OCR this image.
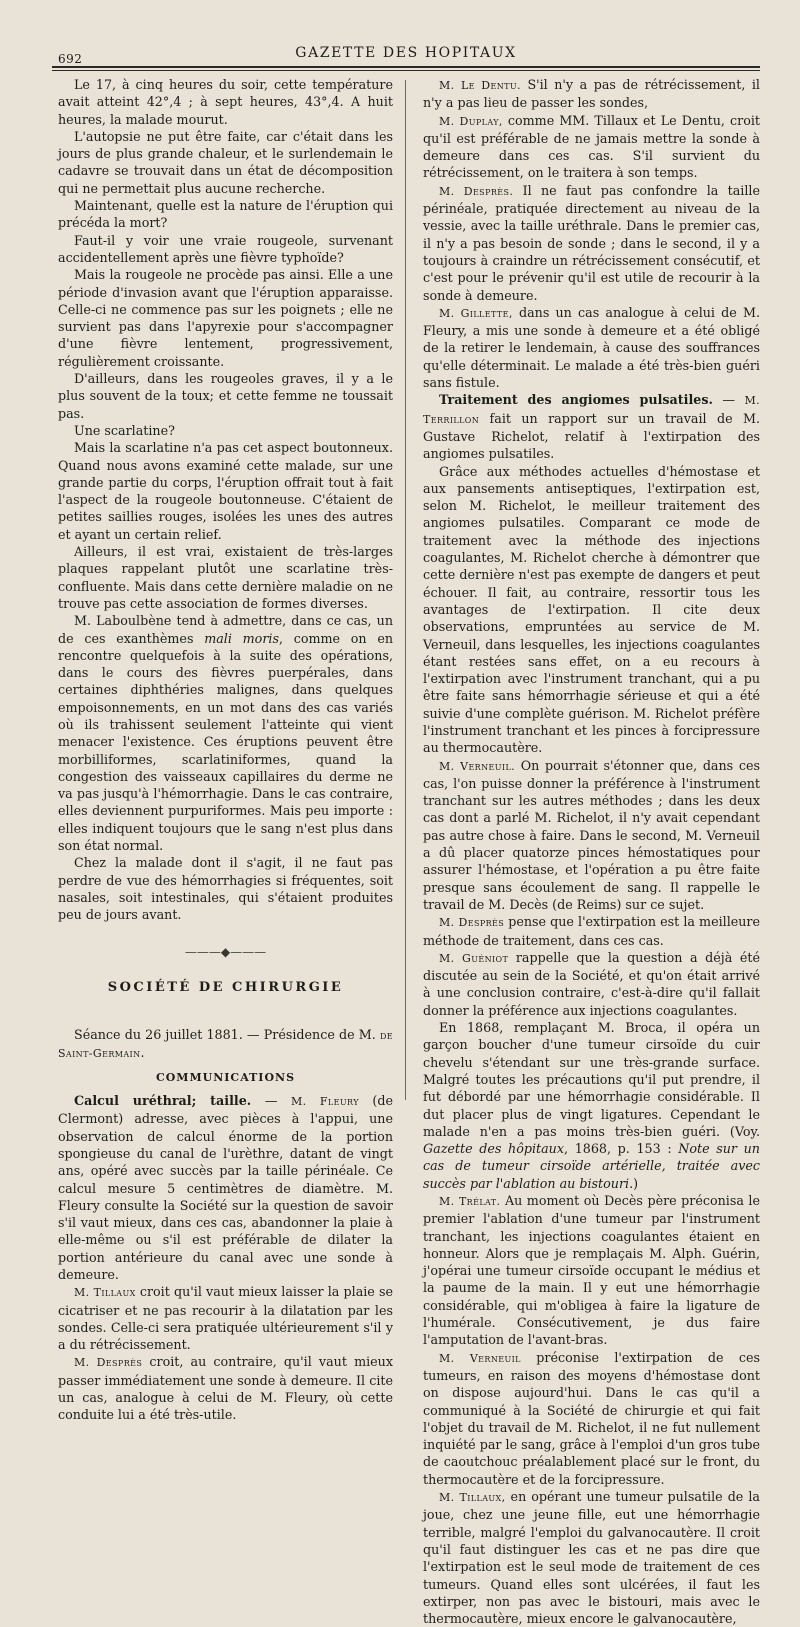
692	GAZETTE DES HOPITAUX

Le 17, à cinq heures du soir, cette température avait atteint 42°,4 ; à sept heures, 43°,4. A huit heures, la malade mourut.

L'autopsie ne put être faite, car c'était dans les jours de plus grande chaleur, et le surlendemain le cadavre se trouvait dans un état de décomposition qui ne permettait plus aucune recherche.

Maintenant, quelle est la nature de l'éruption qui précéda la mort?

Faut-il y voir une vraie rougeole, survenant accidentellement après une fièvre typhoïde?

Mais la rougeole ne procède pas ainsi. Elle a une période d'invasion avant que l'éruption apparaisse. Celle-ci ne commence pas sur les poignets ; elle ne survient pas dans l'apyrexie pour s'accompagner d'une fièvre lentement, progressivement, régulièrement croissante.

D'ailleurs, dans les rougeoles graves, il y a le plus souvent de la toux; et cette femme ne toussait pas.

Une scarlatine?

Mais la scarlatine n'a pas cet aspect boutonneux. Quand nous avons examiné cette malade, sur une grande partie du corps, l'éruption offrait tout à fait l'aspect de la rougeole boutonneuse. C'étaient de petites saillies rouges, isolées les unes des autres et ayant un certain relief.

Ailleurs, il est vrai, existaient de très-larges plaques rappelant plutôt une scarlatine très-confluente. Mais dans cette dernière maladie on ne trouve pas cette association de formes diverses.

M. Laboulbène tend à admettre, dans ce cas, un de ces exanthèmes mali moris, comme on en rencontre quelquefois à la suite des opérations, dans le cours des fièvres puerpérales, dans certaines diphthéries malignes, dans quelques empoisonnements, en un mot dans des cas variés où ils trahissent seulement l'atteinte qui vient menacer l'existence. Ces éruptions peuvent être morbilliformes, scarlatiniformes, quand la congestion des vaisseaux capillaires du derme ne va pas jusqu'à l'hémorrhagie. Dans le cas contraire, elles deviennent purpuriformes. Mais peu importe : elles indiquent toujours que le sang n'est plus dans son état normal.

Chez la malade dont il s'agit, il ne faut pas perdre de vue des hémorrhagies si fréquentes, soit nasales, soit intestinales, qui s'étaient produites peu de jours avant.

———◆———
SOCIÉTÉ DE CHIRURGIE

Séance du 26 juillet 1881. — Présidence de M. de Saint-Germain.

COMMUNICATIONS

Calcul uréthral; taille. — M. Fleury (de Clermont) adresse, avec pièces à l'appui, une observation de calcul énorme de la portion spongieuse du canal de l'urèthre, datant de vingt ans, opéré avec succès par la taille périnéale. Ce calcul mesure 5 centimètres de diamètre. M. Fleury consulte la Société sur la question de savoir s'il vaut mieux, dans ces cas, abandonner la plaie à elle-même ou s'il est préférable de dilater la portion antérieure du canal avec une sonde à demeure.

M. Tillaux croit qu'il vaut mieux laisser la plaie se cicatriser et ne pas recourir à la dilatation par les sondes. Celle-ci sera pratiquée ultérieurement s'il y a du rétrécissement.

M. Desprès croit, au contraire, qu'il vaut mieux passer immédiatement une sonde à demeure. Il cite un cas, analogue à celui de M. Fleury, où cette conduite lui a été très-utile.

M. Le Dentu. S'il n'y a pas de rétrécissement, il n'y a pas lieu de passer les sondes,

M. Duplay, comme MM. Tillaux et Le Dentu, croit qu'il est préférable de ne jamais mettre la sonde à demeure dans ces cas. S'il survient du rétrécissement, on le traitera à son temps.

M. Desprès. Il ne faut pas confondre la taille périnéale, pratiquée directement au niveau de la vessie, avec la taille uréthrale. Dans le premier cas, il n'y a pas besoin de sonde ; dans le second, il y a toujours à craindre un rétrécissement consécutif, et c'est pour le prévenir qu'il est utile de recourir à la sonde à demeure.

M. Gillette, dans un cas analogue à celui de M. Fleury, a mis une sonde à demeure et a été obligé de la retirer le lendemain, à cause des souffrances qu'elle détermina​it. Le malade a été très-bien guéri sans fistule.

Traitement des angiomes pulsatiles. — M. Terrillon fait un rapport sur un travail de M. Gustave Richelot, relatif à l'extirpation des angiomes pulsatiles.

Grâce aux méthodes actuelles d'hémostase et aux pansements antiseptiques, l'extirpation est, selon M. Richelot, le meilleur traitement des angiomes pulsatiles. Comparant ce mode de traitement avec la méthode des injections coagulantes, M. Richelot cherche à démontrer que cette dernière n'est pas exempte de dangers et peut échouer. Il fait, au contraire, ressortir tous les avantages de l'extirpation. Il cite deux observations, empruntées au service de M. Verneuil, dans lesquelles, les injections coagulantes étant restées sans effet, on a eu recours à l'extirpation avec l'instrument tranchant, qui a pu être faite sans hémorrhagie sérieuse et qui a été suivie d'une complète guérison. M. Richelot préfère l'instrument tranchant et les pinces à forcipressure au thermocautère.

M. Verneuil. On pourrait s'étonner que, dans ces cas, l'on puisse donner la préférence à l'instrument tranchant sur les autres méthodes ; dans les deux cas dont a parlé M. Richelot, il n'y avait cependant pas autre chose à faire. Dans le second, M. Verneuil a dû placer quatorze pinces hémostatiques pour assurer l'hémostase, et l'opération a pu être faite presque sans écoulement de sang. Il rappelle le travail de M. Decès (de Reims) sur ce sujet.

M. Desprès pense que l'extirpation est la meilleure méthode de traitement, dans ces cas.

M. Guéniot rappelle que la question a déjà été discutée au sein de la Société, et qu'on était arrivé à une conclusion contraire, c'est-à-dire qu'il fallait donner la préférence aux injections coagulantes.

En 1868, remplaçant M. Broca, il opéra un garçon boucher d'une tumeur cirsoïde du cuir chevelu s'étendant sur une très-grande surface. Malgré toutes les précautions qu'il put prendre, il fut débordé par une hémorrhagie considérable. Il dut placer plus de vingt ligatures. Cependant le malade n'en a pas moins très-bien guéri. (Voy. Gazette des hôpitaux, 1868, p. 153 : Note sur un cas de tumeur cirsoïde artérielle, traitée avec succès par l'ablation au bistouri.)

M. Trélat. Au moment où Decès père préconisa le premier l'ablation d'une tumeur par l'instrument tranchant, les injections coagulantes étaient en honneur. Alors que je remplaçais M. Alph. Guérin, j'opérai une tumeur cirsoïde occupant le médius et la paume de la main. Il y eut une hémorrhagie considérable, qui m'obligea à faire la ligature de l'humérale. Consécutivement, je dus faire l'amputation de l'avant-bras.

M. Verneuil préconise l'extirpation de ces tumeurs, en raison des moyens d'hémostase dont on dispose aujourd'hui. Dans le cas qu'il a communiqué à la Société de chirurgie et qui fait l'objet du travail de M. Richelot, il ne fut nullement inquiété par le sang, grâce à l'emploi d'un gros tube de caoutchouc préalablement placé sur le front, du thermocautère et de la forcipressure.

M. Tillaux, en opérant une tumeur pulsatile de la joue, chez une jeune fille, eut une hémorrhagie terrible, malgré l'emploi du galvanocautère. Il croit qu'il faut distinguer les cas et ne pas dire que l'extirpation est le seul mode de traitement de ces tumeurs. Quand elles sont ulcérées, il faut les extirper, non pas avec le bistouri, mais avec le thermocautère, mieux encore le galvanocautère,
